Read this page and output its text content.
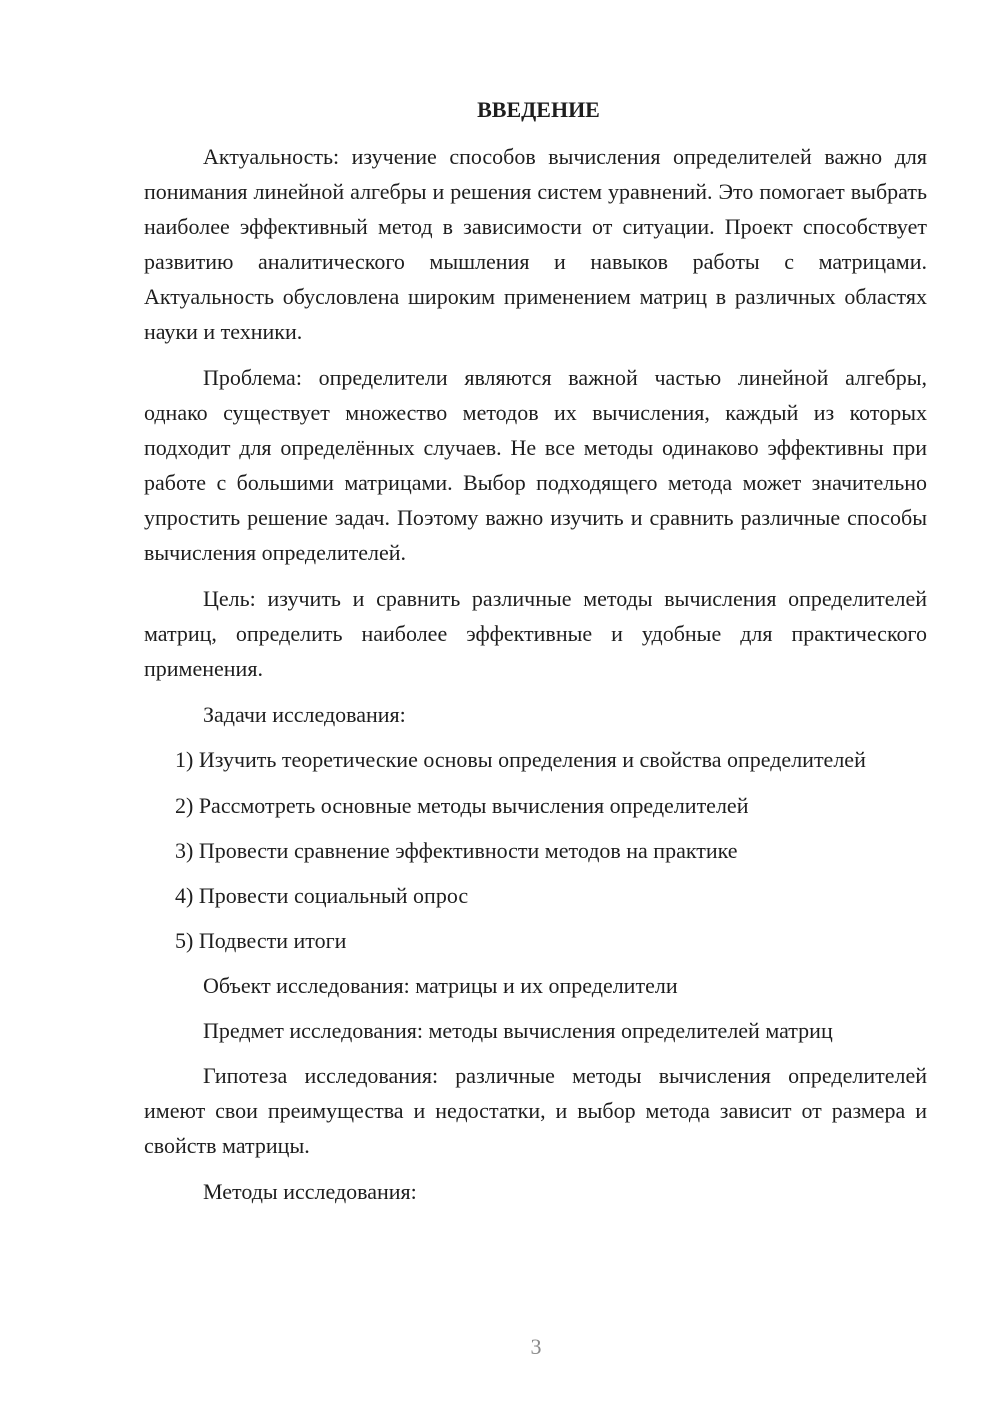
ВВЕДЕНИЕ
Актуальность: изучение способов вычисления определителей важно для понимания линейной алгебры и решения систем уравнений. Это помогает выбрать наиболее эффективный метод в зависимости от ситуации. Проект способствует развитию аналитического мышления и навыков работы с матрицами. Актуальность обусловлена широким применением матриц в различных областях науки и техники.
Проблема: определители являются важной частью линейной алгебры, однако существует множество методов их вычисления, каждый из которых подходит для определённых случаев. Не все методы одинаково эффективны при работе с большими матрицами. Выбор подходящего метода может значительно упростить решение задач. Поэтому важно изучить и сравнить различные способы вычисления определителей.
Цель: изучить и сравнить различные методы вычисления определителей матриц, определить наиболее эффективные и удобные для практического применения.
Задачи исследования:
1) Изучить теоретические основы определения и свойства определителей
2) Рассмотреть основные методы вычисления определителей
3) Провести сравнение эффективности методов на практике
4) Провести социальный опрос
5) Подвести итоги
Объект исследования: матрицы и их определители
Предмет исследования: методы вычисления определителей матриц
Гипотеза исследования: различные методы вычисления определителей имеют свои преимущества и недостатки, и выбор метода зависит от размера и свойств матрицы.
Методы исследования:
3
